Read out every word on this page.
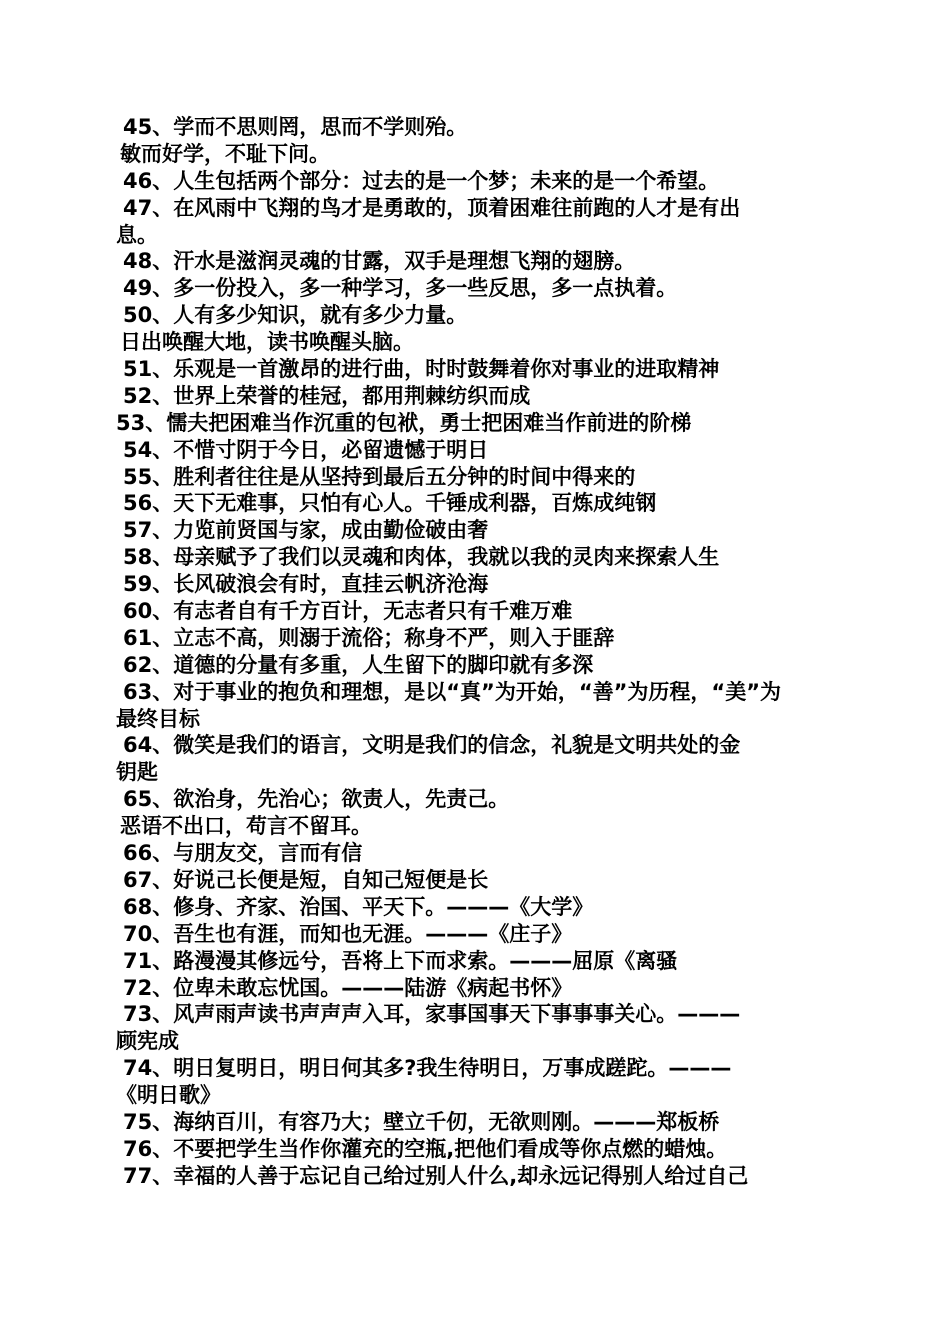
45、学而不思则罔，思而不学则殆。
敏而好学，不耻下问。
46、人生包括两个部分：过去的是一个梦；未来的是一个希望。
47、在风雨中飞翔的鸟才是勇敢的，顶着困难往前跑的人才是有出
息。
48、汗水是滋润灵魂的甘露，双手是理想飞翔的翅膀。
49、多一份投入，多一种学习，多一些反思，多一点执着。
50、人有多少知识，就有多少力量。
日出唤醒大地，读书唤醒头脑。
51、乐观是一首激昂的进行曲，时时鼓舞着你对事业的进取精神
52、世界上荣誉的桂冠，都用荆棘纺织而成
53、懦夫把困难当作沉重的包袱，勇士把困难当作前进的阶梯
54、不惜寸阴于今日，必留遗憾于明日
55、胜利者往往是从坚持到最后五分钟的时间中得来的
56、天下无难事，只怕有心人。千锤成利器，百炼成纯钢
57、力览前贤国与家，成由勤俭破由奢
58、母亲赋予了我们以灵魂和肉体，我就以我的灵肉来探索人生
59、长风破浪会有时，直挂云帆济沧海
60、有志者自有千方百计，无志者只有千难万难
61、立志不高，则溺于流俗；称身不严，则入于匪辞
62、道德的分量有多重，人生留下的脚印就有多深
63、对于事业的抱负和理想，是以“真”为开始，“善”为历程，“美”为
最终目标
64、微笑是我们的语言，文明是我们的信念，礼貌是文明共处的金
钥匙
65、欲治身，先治心；欲责人，先责己。
恶语不出口，苟言不留耳。
66、与朋友交，言而有信
67、好说己长便是短，自知己短便是长
68、修身、齐家、治国、平天下。———《大学》
70、吾生也有涯，而知也无涯。———《庄子》
71、路漫漫其修远兮，吾将上下而求索。———屈原《离骚
72、位卑未敢忘忧国。———陆游《病起书怀》
73、风声雨声读书声声声入耳，家事国事天下事事事关心。———
顾宪成
74、明日复明日，明日何其多?我生待明日，万事成蹉跎。———
《明日歌》
75、海纳百川，有容乃大；壁立千仞，无欲则刚。———郑板桥
76、不要把学生当作你灌充的空瓶,把他们看成等你点燃的蜡烛。
77、幸福的人善于忘记自己给过别人什么,却永远记得别人给过自己
